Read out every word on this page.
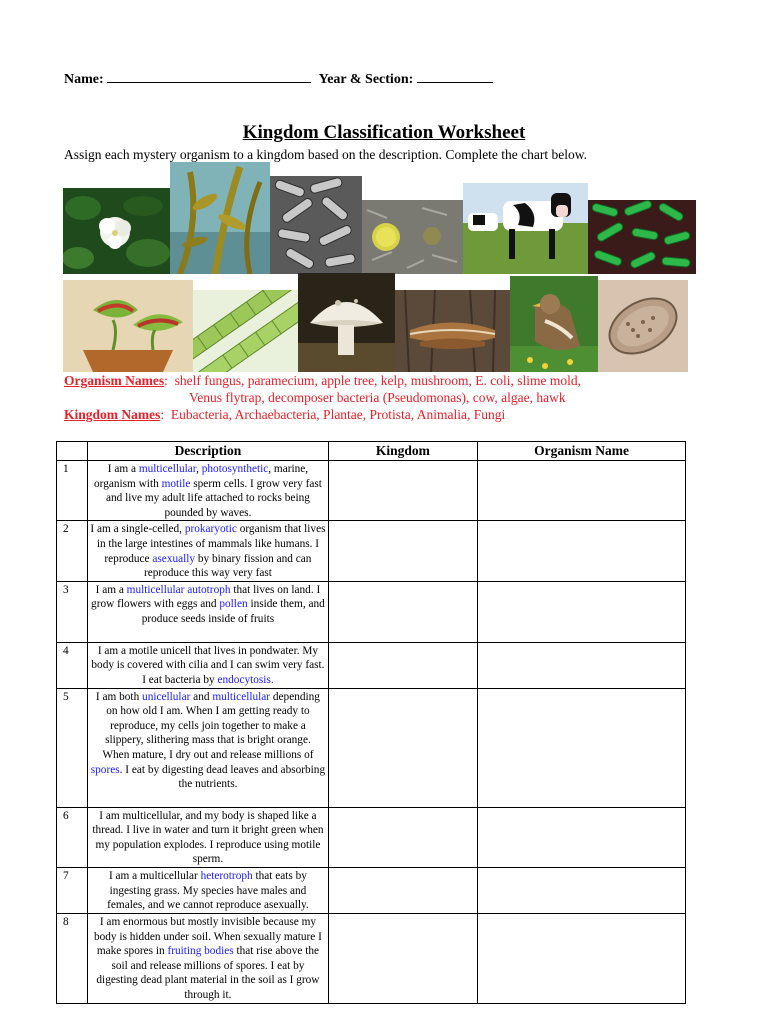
Name:	Year & Section:
Kingdom Classification Worksheet
Assign each mystery organism to a kingdom based on the description. Complete the chart below.
Organism Names:  shelf fungus, paramecium, apple tree, kelp, mushroom, E. coli, slime mold,
Venus flytrap, decomposer bacteria (Pseudomonas), cow, algae, hawk
Kingdom Names:  Eubacteria, Archaebacteria, Plantae, Protista, Animalia, Fungi
	Description	Kingdom	Organism Name
1	I am a multicellular, photosynthetic, marine, organism with motile sperm cells. I grow very fast and live my adult life attached to rocks being pounded by waves.		
2	I am a single-celled, prokaryotic organism that lives in the large intestines of mammals like humans. I reproduce asexually by binary fission and can reproduce this way very fast		
3	I am a multicellular autotroph that lives on land. I grow flowers with eggs and pollen inside them, and produce seeds inside of fruits		
4	I am a motile unicell that lives in pondwater. My body is covered with cilia and I can swim very fast. I eat bacteria by endocytosis.		
5	I am both unicellular and multicellular depending on how old I am. When I am getting ready to reproduce, my cells join together to make a slippery, slithering mass that is bright orange. When mature, I dry out and release millions of spores. I eat by digesting dead leaves and absorbing the nutrients.		
6	I am multicellular, and my body is shaped like a thread. I live in water and turn it bright green when my population explodes. I reproduce using motile sperm.		
7	I am a multicellular heterotroph that eats by ingesting grass. My species have males and females, and we cannot reproduce asexually.		
8	I am enormous but mostly invisible because my body is hidden under soil. When sexually mature I make spores in fruiting bodies that rise above the soil and release millions of spores. I eat by digesting dead plant material in the soil as I grow through it.		
